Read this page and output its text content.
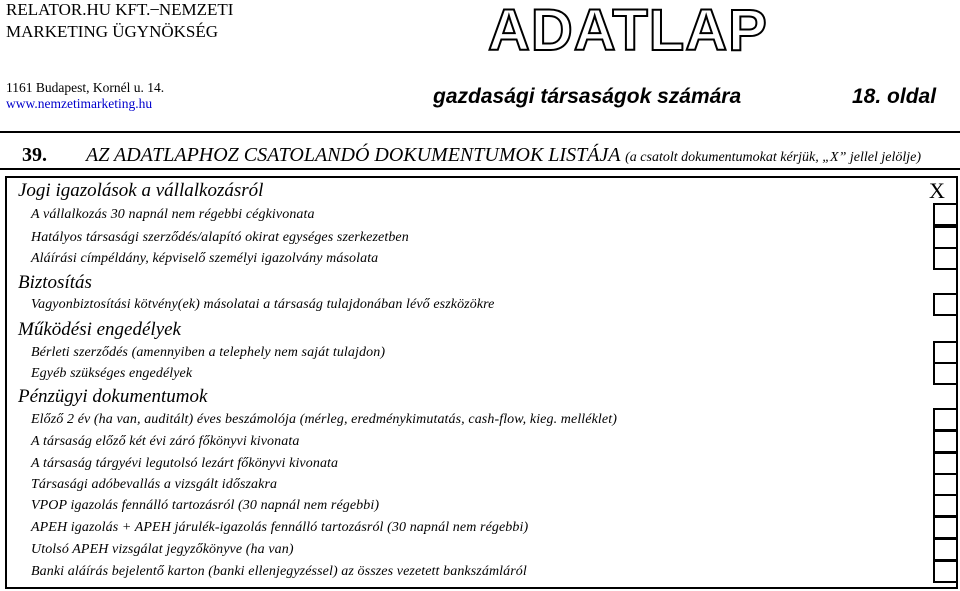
RELATOR.HU KFT. ̶ NEMZETI
MARKETING ÜGYNÖKSÉG
1161 Budapest, Kornél u. 14.
www.nemzetimarketing.hu
ADATLAP
gazdasági társaságok számára	18. oldal
39. AZ ADATLAPHOZ CSATOLANDÓ DOKUMENTUMOK LISTÁJA (a csatolt dokumentumokat kérjük, „X” jellel jelölje)
X
Jogi igazolások a vállalkozásról
A vállalkozás 30 napnál nem régebbi cégkivonata
Hatályos társasági szerződés/alapító okirat egységes szerkezetben
Aláírási címpéldány, képviselő személyi igazolvány másolata
Biztosítás
Vagyonbiztosítási kötvény(ek) másolatai a társaság tulajdonában lévő eszközökre
Működési engedélyek
Bérleti szerződés (amennyiben a telephely nem saját tulajdon)
Egyéb szükséges engedélyek
Pénzügyi dokumentumok
Előző 2 év (ha van, auditált) éves beszámolója (mérleg, eredménykimutatás, cash-flow, kieg. melléklet)
A társaság előző két évi záró főkönyvi kivonata
A társaság tárgyévi legutolsó lezárt főkönyvi kivonata
Társasági adóbevallás a vizsgált időszakra
VPOP igazolás fennálló tartozásról (30 napnál nem régebbi)
APEH igazolás + APEH járulék-igazolás fennálló tartozásról (30 napnál nem régebbi)
Utolsó APEH vizsgálat jegyzőkönyve (ha van)
Banki aláírás bejelentő karton (banki ellenjegyzéssel) az összes vezetett bankszámláról
